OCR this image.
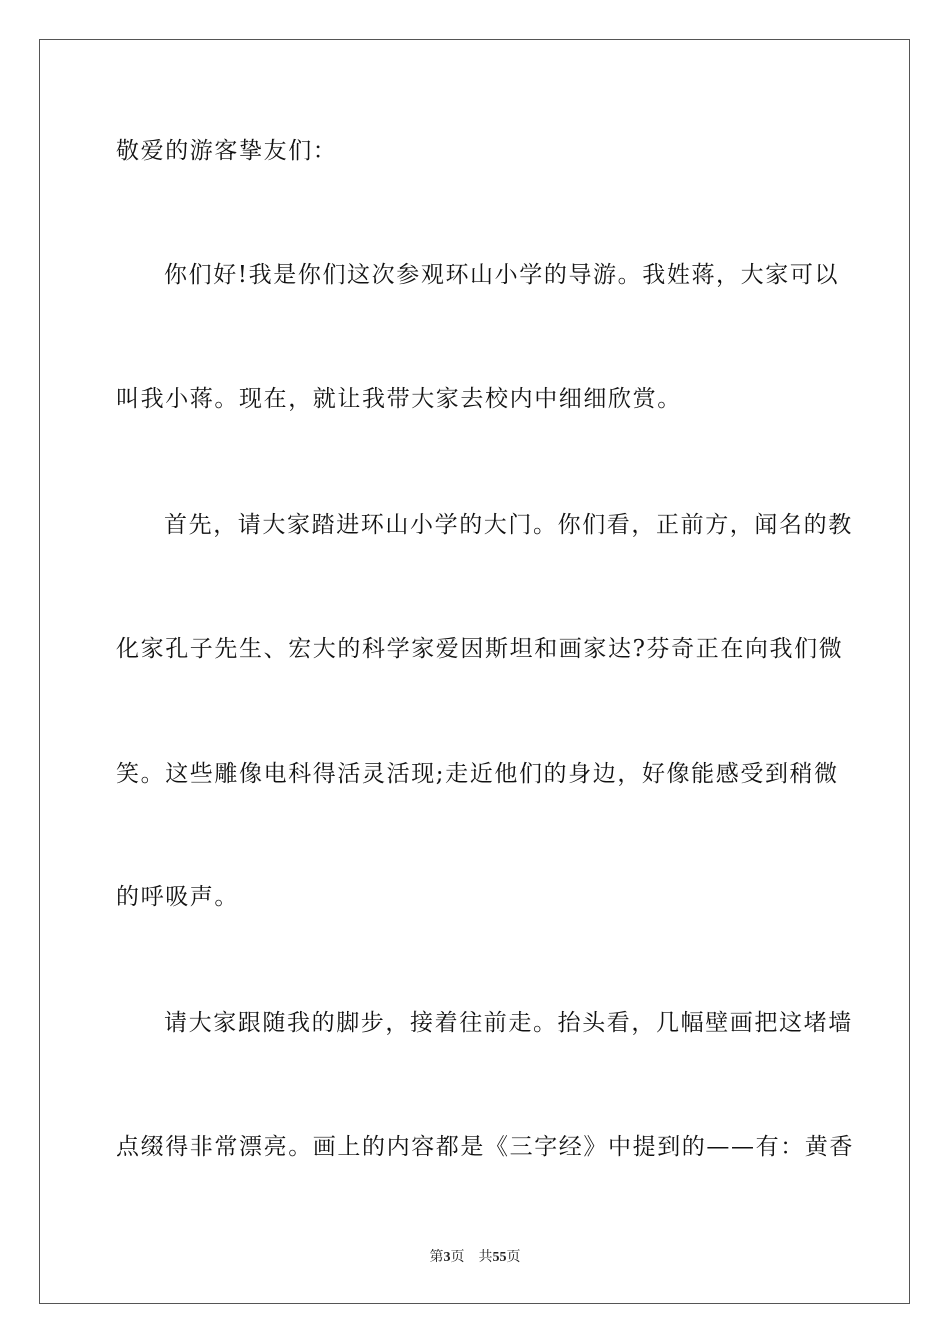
敬爱的游客挚友们：
你们好!我是你们这次参观环山小学的导游。我姓蒋，大家可以
叫我小蒋。现在，就让我带大家去校内中细细欣赏。
首先，请大家踏进环山小学的大门。你们看，正前方，闻名的教
化家孔子先生、宏大的科学家爱因斯坦和画家达?芬奇正在向我们微
笑。这些雕像电科得活灵活现;走近他们的身边，好像能感受到稍微
的呼吸声。
请大家跟随我的脚步，接着往前走。抬头看，几幅壁画把这堵墙
点缀得非常漂亮。画上的内容都是《三字经》中提到的——有：黄香
第3页 共55页
